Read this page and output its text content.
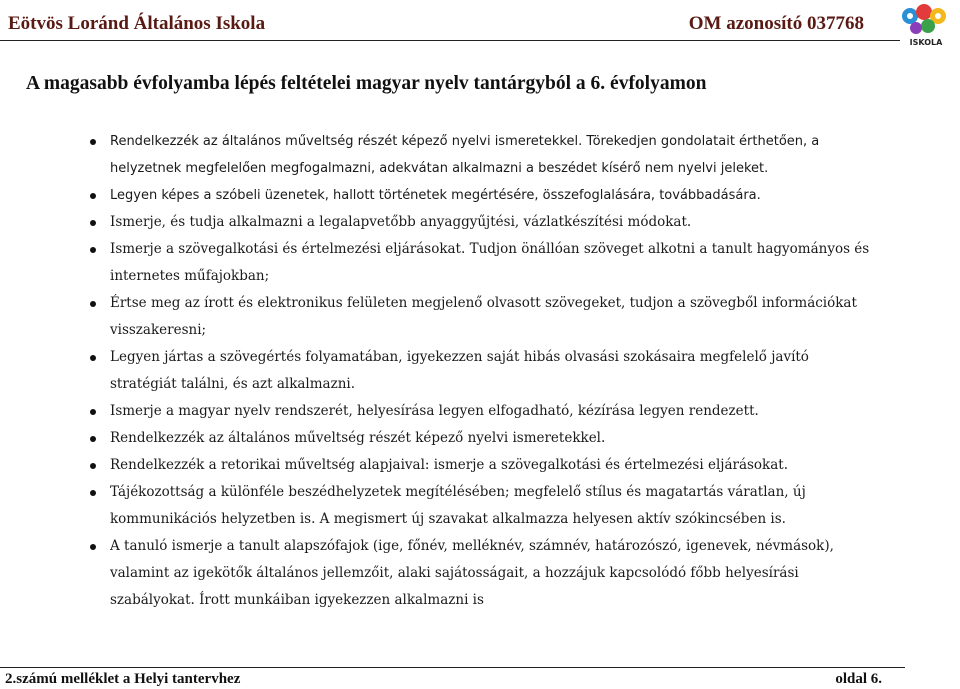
Eötvös Loránd Általános Iskola	OM azonosító 037768
ISKOLA
A magasabb évfolyamba lépés feltételei magyar nyelv tantárgyból a 6. évfolyamon
Rendelkezzék az általános műveltség részét képező nyelvi ismeretekkel. Törekedjen gondolatait érthetően, a helyzetnek megfelelően megfogalmazni, adekvátan alkalmazni a beszédet kísérő nem nyelvi jeleket.
Legyen képes a szóbeli üzenetek, hallott történetek megértésére, összefoglalására, továbbadására.
Ismerje, és tudja alkalmazni a legalapvetőbb anyaggyűjtési, vázlatkészítési módokat.
Ismerje a szövegalkotási és értelmezési eljárásokat. Tudjon önállóan szöveget alkotni a tanult hagyományos és internetes műfajokban;
Értse meg az írott és elektronikus felületen megjelenő olvasott szövegeket, tudjon a szövegből információkat visszakeresni;
Legyen jártas a szövegértés folyamatában, igyekezzen saját hibás olvasási szokásaira megfelelő javító stratégiát találni, és azt alkalmazni.
Ismerje a magyar nyelv rendszerét, helyesírása legyen elfogadható, kézírása legyen rendezett.
Rendelkezzék az általános műveltség részét képező nyelvi ismeretekkel.
Rendelkezzék a retorikai műveltség alapjaival: ismerje a szövegalkotási és értelmezési eljárásokat.
Tájékozottság a különféle beszédhelyzetek megítélésében; megfelelő stílus és magatartás váratlan, új kommunikációs helyzetben is. A megismert új szavakat alkalmazza helyesen aktív szókincsében is.
A tanuló ismerje a tanult alapszófajok (ige, főnév, melléknév, számnév, határozószó, igenevek, névmások), valamint az igekötők általános jellemzőit, alaki sajátosságait, a hozzájuk kapcsolódó főbb helyesírási szabályokat. Írott munkáiban igyekezzen alkalmazni is
2.számú melléklet a Helyi tantervhez	oldal 6.
